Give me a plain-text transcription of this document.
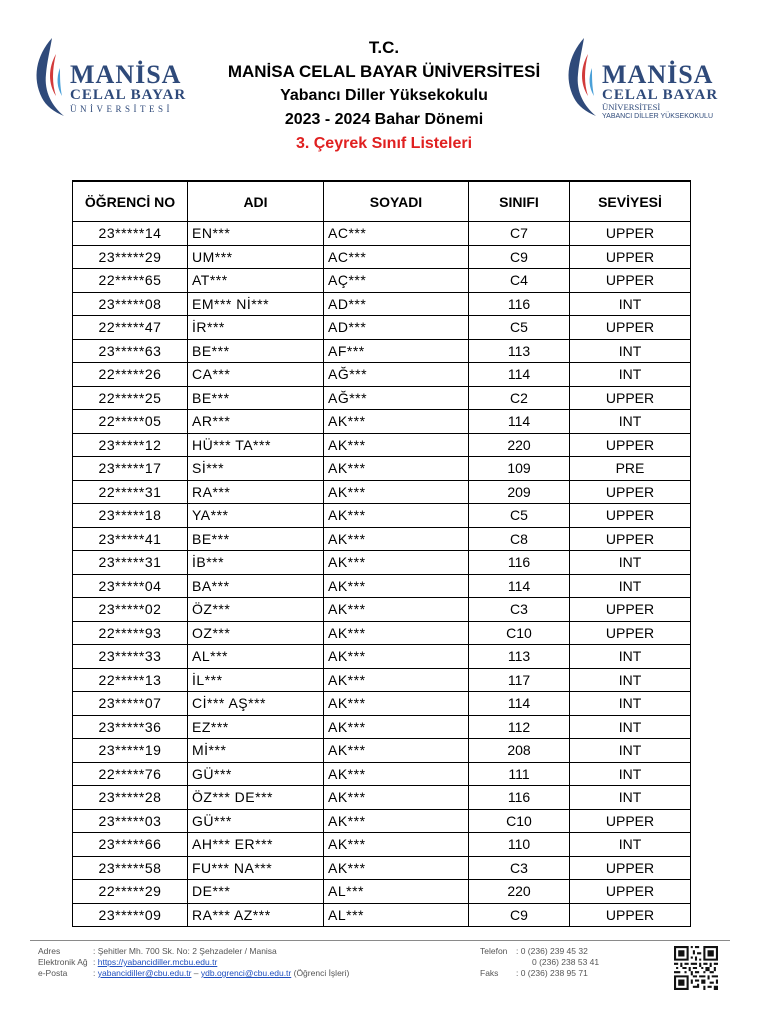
MANİSA
CELAL BAYAR
ÜNİVERSİTESİ
MANİSA
CELAL BAYAR
ÜNİVERSİTESİ
YABANCI DİLLER YÜKSEKOKULU
T.C.
MANİSA CELAL BAYAR ÜNİVERSİTESİ
Yabancı Diller Yüksekokulu
2023 - 2024 Bahar Dönemi
3. Çeyrek Sınıf Listeleri
ÖĞRENCİ NO	ADI	SOYADI	SINIFI	SEVİYESİ
23*****14	EN***	AC***	C7	UPPER
23*****29	UM***	AC***	C9	UPPER
22*****65	AT***	AÇ***	C4	UPPER
23*****08	EM*** Nİ***	AD***	116	INT
22*****47	İR***	AD***	C5	UPPER
23*****63	BE***	AF***	113	INT
22*****26	CA***	AĞ***	114	INT
22*****25	BE***	AĞ***	C2	UPPER
22*****05	AR***	AK***	114	INT
23*****12	HÜ*** TA***	AK***	220	UPPER
23*****17	Sİ***	AK***	109	PRE
22*****31	RA***	AK***	209	UPPER
23*****18	YA***	AK***	C5	UPPER
23*****41	BE***	AK***	C8	UPPER
23*****31	İB***	AK***	116	INT
23*****04	BA***	AK***	114	INT
23*****02	ÖZ***	AK***	C3	UPPER
22*****93	OZ***	AK***	C10	UPPER
23*****33	AL***	AK***	113	INT
22*****13	İL***	AK***	117	INT
23*****07	Cİ*** AŞ***	AK***	114	INT
23*****36	EZ***	AK***	112	INT
23*****19	Mİ***	AK***	208	INT
22*****76	GÜ***	AK***	111	INT
23*****28	ÖZ*** DE***	AK***	116	INT
23*****03	GÜ***	AK***	C10	UPPER
23*****66	AH*** ER***	AK***	110	INT
23*****58	FU*** NA***	AK***	C3	UPPER
22*****29	DE***	AL***	220	UPPER
23*****09	RA*** AZ***	AL***	C9	UPPER
Adres	: Şehitler Mh. 700 Sk. No: 2 Şehzadeler / Manisa
Elektronik Ağ : https://yabancidiller.mcbu.edu.tr
e-Posta	: yabancidiller@cbu.edu.tr – ydb.ogrenci@cbu.edu.tr (Öğrenci İşleri)
Telefon : 0 (236) 239 45 32
0 (236) 238 53 41
Faks : 0 (236) 238 95 71
